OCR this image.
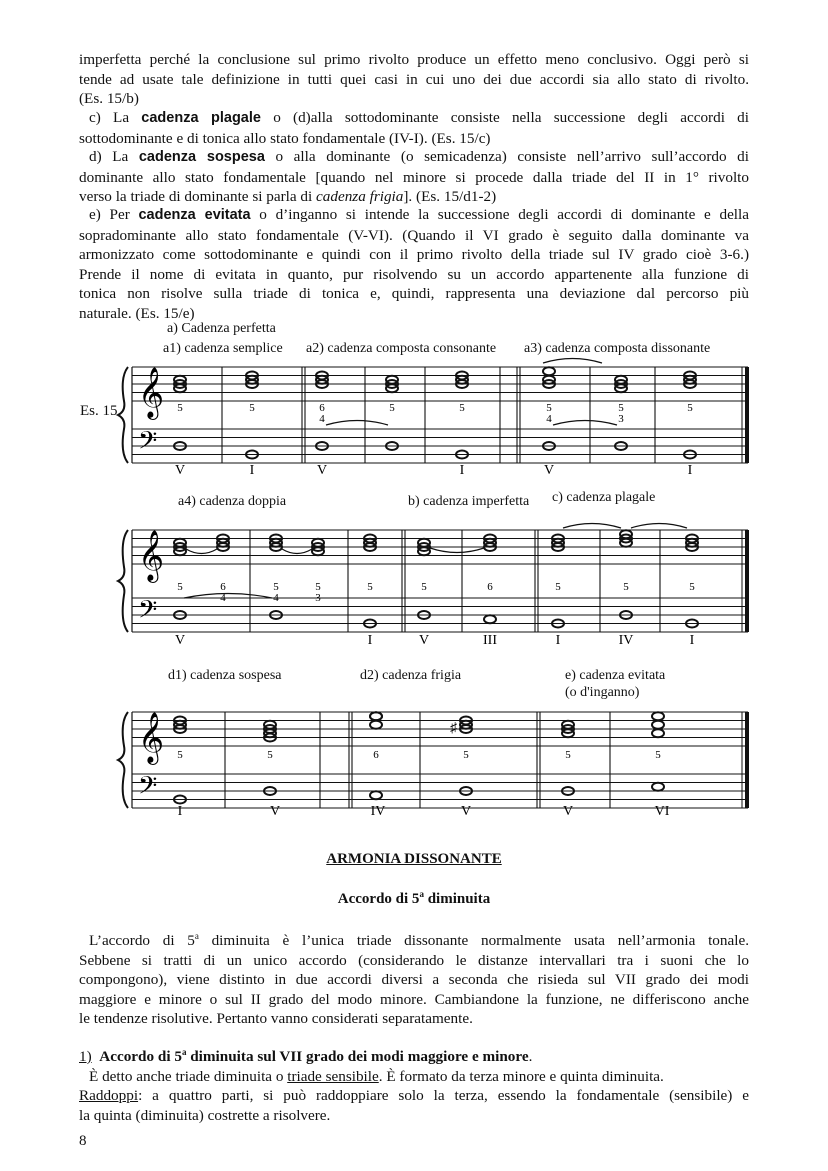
imperfetta perché la conclusione sul primo rivolto produce un effetto meno conclusivo. Oggi però si
tende ad usate tale definizione in tutti quei casi in cui uno dei due accordi sia allo stato di rivolto.
(Es. 15/b)
c) La cadenza plagale o (d)alla sottodominante consiste nella successione degli accordi di
sottodominante e di tonica allo stato fondamentale (IV-I). (Es. 15/c)
d) La cadenza sospesa o alla dominante (o semicadenza) consiste nell’arrivo sull’accordo di
dominante allo stato fondamentale [quando nel minore si procede dalla triade del II in 1° rivolto
verso la triade di dominante si parla di cadenza frigia]. (Es. 15/d1-2)
e) Per cadenza evitata o d’inganno si intende la successione degli accordi di dominante e della
sopradominante allo stato fondamentale (V-VI). (Quando il VI grado è seguito dalla dominante va
armonizzato come sottodominante e quindi con il primo rivolto della triade sul IV grado cioè 3-6.)
Prende il nome di evitata in quanto, pur risolvendo su un accordo appartenente alla funzione di
tonica non risolve sulla triade di tonica e, quindi, rappresenta una deviazione dal percorso più
naturale. (Es. 15/e)
a) Cadenza perfetta
a1) cadenza semplice a2) cadenza composta consonante a3) cadenza composta dissonante
Es. 15 𝄞
𝄢
5	5	6
4
5	5	5
4
5
3
5
V	I	V	I	V	I
a4) cadenza doppia	b) cadenza imperfetta c) cadenza plagale
𝄞
𝄢
5	6
4
5
4
5
3
5	5	6	5	5	5
V	I	V	III	I	IV	I
d1) cadenza sospesa	d2) cadenza frigia	e) cadenza evitata
(o d'inganno)
𝄞
𝄢
5	5	6	5	5	5
♯
I	V	IV	V	V	VI
ARMONIA DISSONANTE
Accordo di 5$^a$ diminuita
L’accordo di 5$^a$ diminuita è l’unica triade dissonante normalmente usata nell’armonia tonale.
Sebbene si tratti di un unico accordo (considerando le distanze intervallari tra i suoni che lo
compongono), viene distinto in due accordi diversi a seconda che risieda sul VII grado dei modi
maggiore e minore o sul II grado del modo minore. Cambiandone la funzione, ne differiscono anche
le tendenze risolutive. Pertanto vanno considerati separatamente.
1) Accordo di 5$^a$ diminuita sul VII grado dei modi maggiore e minore.
È detto anche triade diminuita o triade sensibile. È formato da terza minore e quinta diminuita.
Raddoppi: a quattro parti, si può raddoppiare solo la terza, essendo la fondamentale (sensibile) e
la quinta (diminuita) costrette a risolvere.
8
